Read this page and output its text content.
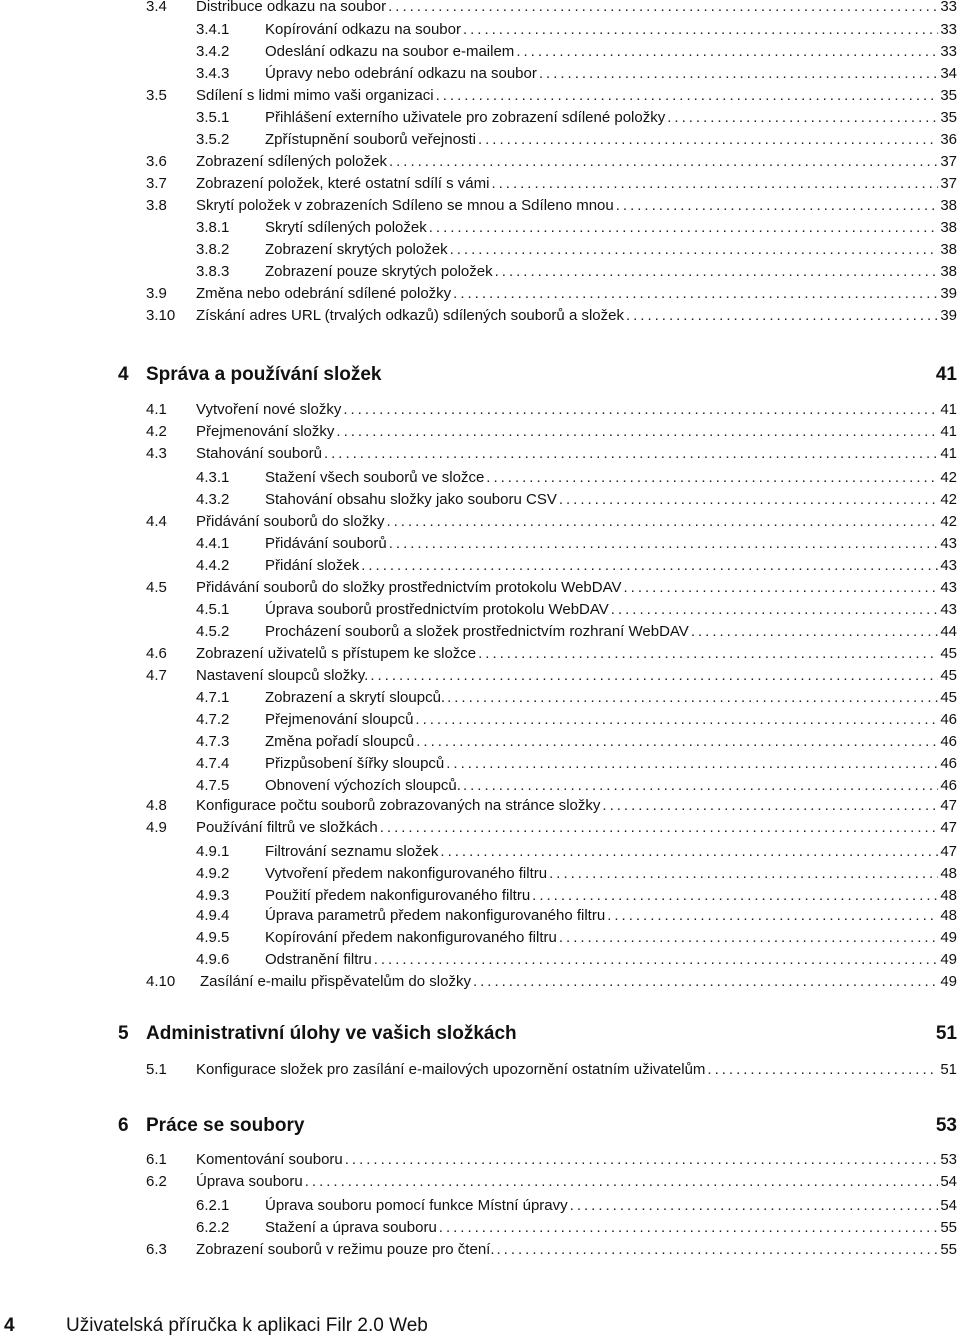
3.4 Distribuce odkazu na soubor .....	33
3.4.1 Kopírování odkazu na soubor .....	33
3.4.2 Odeslání odkazu na soubor e-mailem .....	33
3.4.3 Úpravy nebo odebrání odkazu na soubor .....	34
3.5 Sdílení s lidmi mimo vaši organizaci .....	35
3.5.1 Přihlášení externího uživatele pro zobrazení sdílené položky .....	35
3.5.2 Zpřístupnění souborů veřejnosti .....	36
3.6 Zobrazení sdílených položek .....	37
3.7 Zobrazení položek, které ostatní sdílí s vámi .....	37
3.8 Skrytí položek v zobrazeních Sdíleno se mnou a Sdíleno mnou .....	38
3.8.1 Skrytí sdílených položek .....	38
3.8.2 Zobrazení skrytých položek .....	38
3.8.3 Zobrazení pouze skrytých položek .....	38
3.9 Změna nebo odebrání sdílené položky .....	39
3.10 Získání adres URL (trvalých odkazů) sdílených souborů a složek .....	39
4 Správa a používání složek	41
4.1 Vytvoření nové složky .....	41
4.2 Přejmenování složky .....	41
4.3 Stahování souborů .....	41
4.3.1 Stažení všech souborů ve složce .....	42
4.3.2 Stahování obsahu složky jako souboru CSV .....	42
4.4 Přidávání souborů do složky .....	42
4.4.1 Přidávání souborů .....	43
4.4.2 Přidání složek .....	43
4.5 Přidávání souborů do složky prostřednictvím protokolu WebDAV .....	43
4.5.1 Úprava souborů prostřednictvím protokolu WebDAV .....	43
4.5.2 Procházení souborů a složek prostřednictvím rozhraní WebDAV .....	44
4.6 Zobrazení uživatelů s přístupem ke složce .....	45
4.7 Nastavení sloupců složky. .....	45
4.7.1 Zobrazení a skrytí sloupců. .....	45
4.7.2 Přejmenování sloupců .....	46
4.7.3 Změna pořadí sloupců .....	46
4.7.4 Přizpůsobení šířky sloupců .....	46
4.7.5 Obnovení výchozích sloupců. .....	46
4.8 Konfigurace počtu souborů zobrazovaných na stránce složky .....	47
4.9 Používání filtrů ve složkách .....	47
4.9.1 Filtrování seznamu složek .....	47
4.9.2 Vytvoření předem nakonfigurovaného filtru .....	48
4.9.3 Použití předem nakonfigurovaného filtru .....	48
4.9.4 Úprava parametrů předem nakonfigurovaného filtru .....	48
4.9.5 Kopírování předem nakonfigurovaného filtru .....	49
4.9.6 Odstranění filtru .....	49
4.10 Zasílání e-mailu přispěvatelům do složky .....	49
5 Administrativní úlohy ve vašich složkách	51
5.1 Konfigurace složek pro zasílání e-mailových upozornění ostatním uživatelům .....	51
6 Práce se soubory	53
6.1 Komentování souboru .....	53
6.2 Úprava souboru .....	54
6.2.1 Úprava souboru pomocí funkce Místní úpravy .....	54
6.2.2 Stažení a úprava souboru .....	55
6.3 Zobrazení souborů v režimu pouze pro čtení. .....	55
4	Uživatelská příručka k aplikaci Filr 2.0 Web
